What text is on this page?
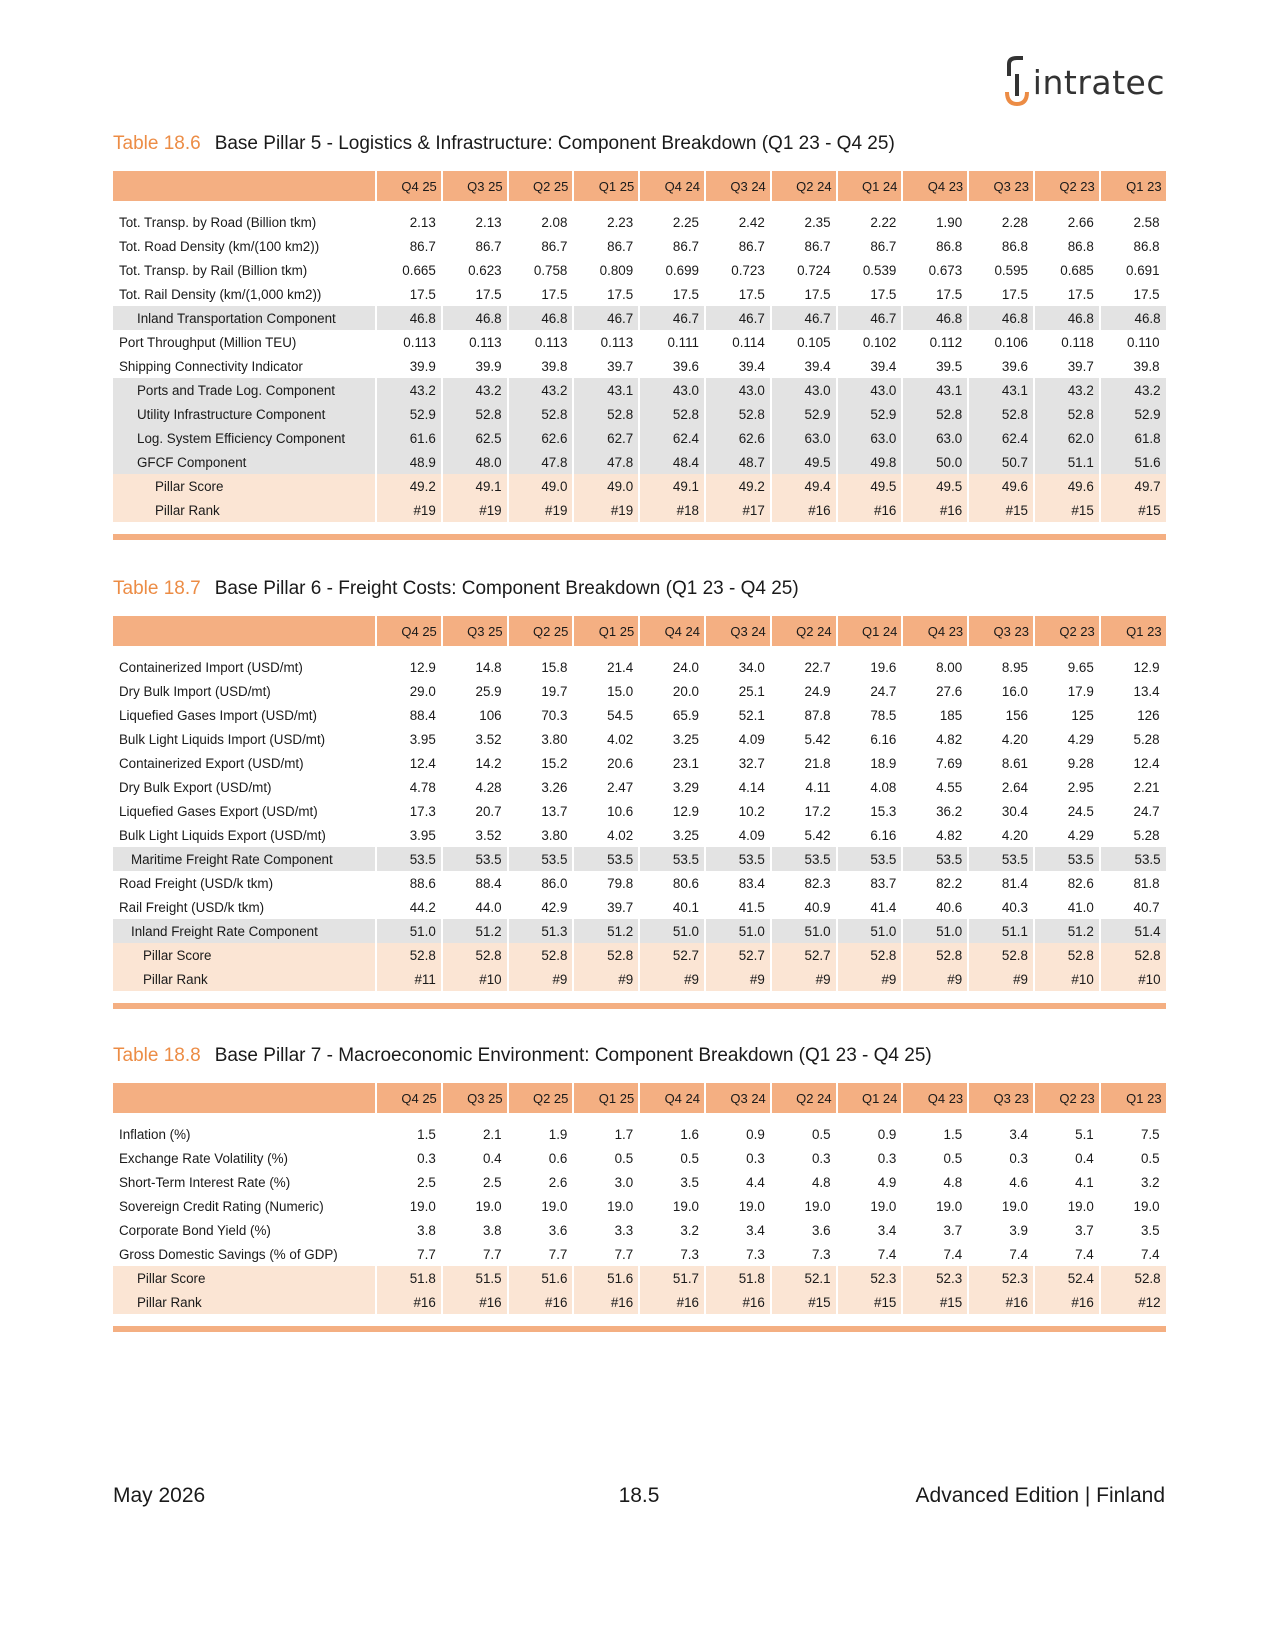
intratec
Table 18.6 Base Pillar 5 - Logistics & Infrastructure: Component Breakdown (Q1 23 - Q4 25)
	Q4 25	Q3 25	Q2 25	Q1 25	Q4 24	Q3 24	Q2 24	Q1 24	Q4 23	Q3 23	Q2 23	Q1 23

Tot. Transp. by Road (Billion tkm)	2.13	2.13	2.08	2.23	2.25	2.42	2.35	2.22	1.90	2.28	2.66	2.58
Tot. Road Density (km/(100 km2))	86.7	86.7	86.7	86.7	86.7	86.7	86.7	86.7	86.8	86.8	86.8	86.8
Tot. Transp. by Rail (Billion tkm)	0.665	0.623	0.758	0.809	0.699	0.723	0.724	0.539	0.673	0.595	0.685	0.691
Tot. Rail Density (km/(1,000 km2))	17.5	17.5	17.5	17.5	17.5	17.5	17.5	17.5	17.5	17.5	17.5	17.5
Inland Transportation Component	46.8	46.8	46.8	46.7	46.7	46.7	46.7	46.7	46.8	46.8	46.8	46.8
Port Throughput (Million TEU)	0.113	0.113	0.113	0.113	0.111	0.114	0.105	0.102	0.112	0.106	0.118	0.110
Shipping Connectivity Indicator	39.9	39.9	39.8	39.7	39.6	39.4	39.4	39.4	39.5	39.6	39.7	39.8
Ports and Trade Log. Component	43.2	43.2	43.2	43.1	43.0	43.0	43.0	43.0	43.1	43.1	43.2	43.2
Utility Infrastructure Component	52.9	52.8	52.8	52.8	52.8	52.8	52.9	52.9	52.8	52.8	52.8	52.9
Log. System Efficiency Component	61.6	62.5	62.6	62.7	62.4	62.6	63.0	63.0	63.0	62.4	62.0	61.8
GFCF Component	48.9	48.0	47.8	47.8	48.4	48.7	49.5	49.8	50.0	50.7	51.1	51.6
Pillar Score	49.2	49.1	49.0	49.0	49.1	49.2	49.4	49.5	49.5	49.6	49.6	49.7
Pillar Rank	#19	#19	#19	#19	#18	#17	#16	#16	#16	#15	#15	#15
Table 18.7 Base Pillar 6 - Freight Costs: Component Breakdown (Q1 23 - Q4 25)
	Q4 25	Q3 25	Q2 25	Q1 25	Q4 24	Q3 24	Q2 24	Q1 24	Q4 23	Q3 23	Q2 23	Q1 23

Containerized Import (USD/mt)	12.9	14.8	15.8	21.4	24.0	34.0	22.7	19.6	8.00	8.95	9.65	12.9
Dry Bulk Import (USD/mt)	29.0	25.9	19.7	15.0	20.0	25.1	24.9	24.7	27.6	16.0	17.9	13.4
Liquefied Gases Import (USD/mt)	88.4	106	70.3	54.5	65.9	52.1	87.8	78.5	185	156	125	126
Bulk Light Liquids Import (USD/mt)	3.95	3.52	3.80	4.02	3.25	4.09	5.42	6.16	4.82	4.20	4.29	5.28
Containerized Export (USD/mt)	12.4	14.2	15.2	20.6	23.1	32.7	21.8	18.9	7.69	8.61	9.28	12.4
Dry Bulk Export (USD/mt)	4.78	4.28	3.26	2.47	3.29	4.14	4.11	4.08	4.55	2.64	2.95	2.21
Liquefied Gases Export (USD/mt)	17.3	20.7	13.7	10.6	12.9	10.2	17.2	15.3	36.2	30.4	24.5	24.7
Bulk Light Liquids Export (USD/mt)	3.95	3.52	3.80	4.02	3.25	4.09	5.42	6.16	4.82	4.20	4.29	5.28
Maritime Freight Rate Component	53.5	53.5	53.5	53.5	53.5	53.5	53.5	53.5	53.5	53.5	53.5	53.5
Road Freight (USD/k tkm)	88.6	88.4	86.0	79.8	80.6	83.4	82.3	83.7	82.2	81.4	82.6	81.8
Rail Freight (USD/k tkm)	44.2	44.0	42.9	39.7	40.1	41.5	40.9	41.4	40.6	40.3	41.0	40.7
Inland Freight Rate Component	51.0	51.2	51.3	51.2	51.0	51.0	51.0	51.0	51.0	51.1	51.2	51.4
Pillar Score	52.8	52.8	52.8	52.8	52.7	52.7	52.7	52.8	52.8	52.8	52.8	52.8
Pillar Rank	#11	#10	#9	#9	#9	#9	#9	#9	#9	#9	#10	#10
Table 18.8 Base Pillar 7 - Macroeconomic Environment: Component Breakdown (Q1 23 - Q4 25)
	Q4 25	Q3 25	Q2 25	Q1 25	Q4 24	Q3 24	Q2 24	Q1 24	Q4 23	Q3 23	Q2 23	Q1 23

Inflation (%)	1.5	2.1	1.9	1.7	1.6	0.9	0.5	0.9	1.5	3.4	5.1	7.5
Exchange Rate Volatility (%)	0.3	0.4	0.6	0.5	0.5	0.3	0.3	0.3	0.5	0.3	0.4	0.5
Short-Term Interest Rate (%)	2.5	2.5	2.6	3.0	3.5	4.4	4.8	4.9	4.8	4.6	4.1	3.2
Sovereign Credit Rating (Numeric)	19.0	19.0	19.0	19.0	19.0	19.0	19.0	19.0	19.0	19.0	19.0	19.0
Corporate Bond Yield (%)	3.8	3.8	3.6	3.3	3.2	3.4	3.6	3.4	3.7	3.9	3.7	3.5
Gross Domestic Savings (% of GDP)	7.7	7.7	7.7	7.7	7.3	7.3	7.3	7.4	7.4	7.4	7.4	7.4
Pillar Score	51.8	51.5	51.6	51.6	51.7	51.8	52.1	52.3	52.3	52.3	52.4	52.8
Pillar Rank	#16	#16	#16	#16	#16	#16	#15	#15	#15	#16	#16	#12
May 2026	18.5	Advanced Edition | Finland
